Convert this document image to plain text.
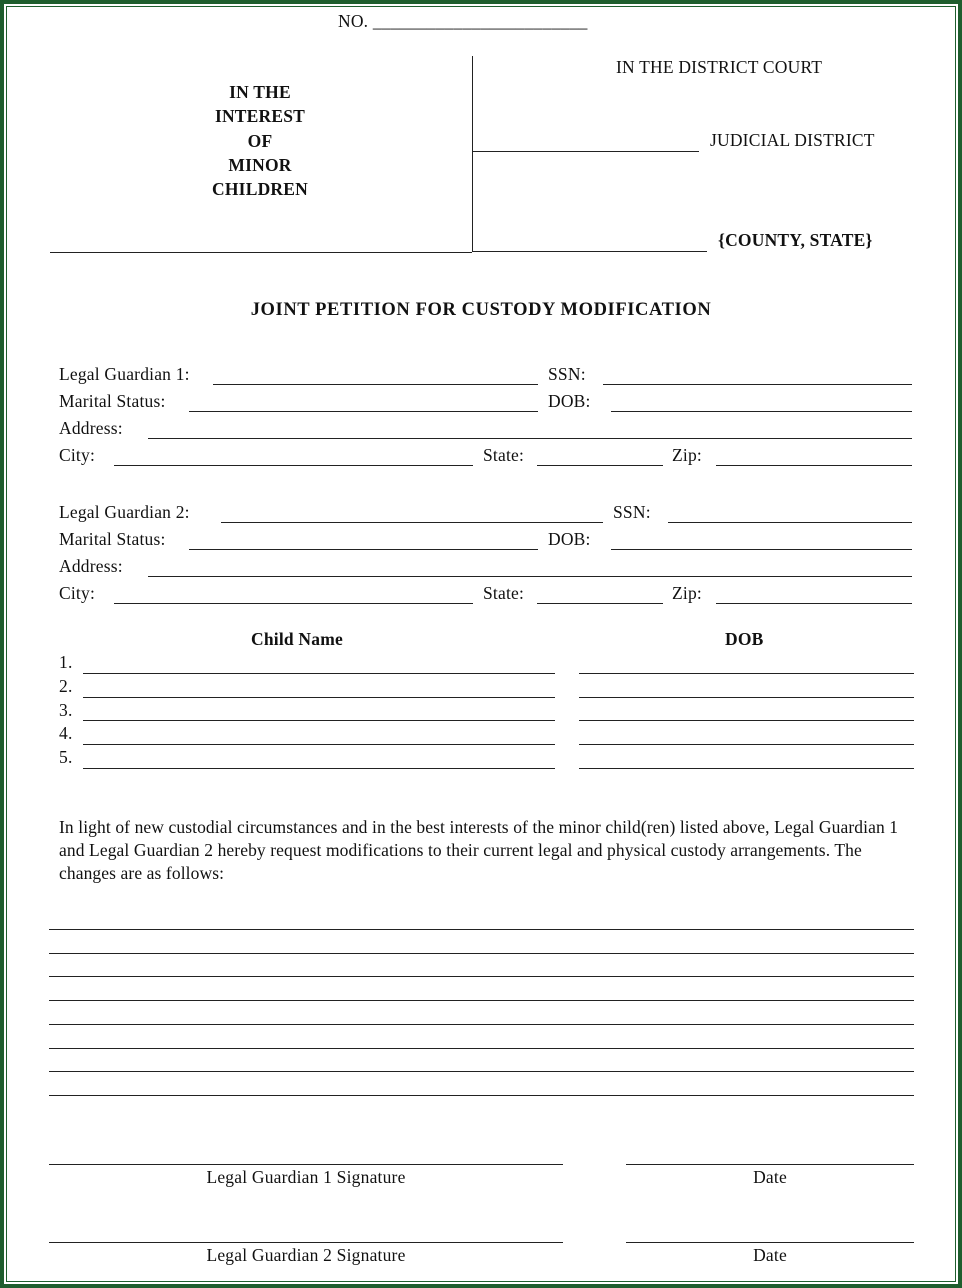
NO. ________________________
IN THE
INTEREST
OF
MINOR
CHILDREN
IN THE DISTRICT COURT
JUDICIAL DISTRICT
{COUNTY, STATE}
JOINT PETITION FOR CUSTODY MODIFICATION
Legal Guardian 1:	SSN:
Marital Status:	DOB:
Address:
City:	State:	Zip:
Legal Guardian 2:	SSN:
Marital Status:	DOB:
Address:
City:	State:	Zip:
Child Name	DOB
1.
2.
3.
4.
5.
In light of new custodial circumstances and in the best interests of the minor child(ren) listed above, Legal Guardian 1 and Legal Guardian 2 hereby request modifications to their current legal and physical custody arrangements. The changes are as follows:
Legal Guardian 1 Signature	Date
Legal Guardian 2 Signature	Date
